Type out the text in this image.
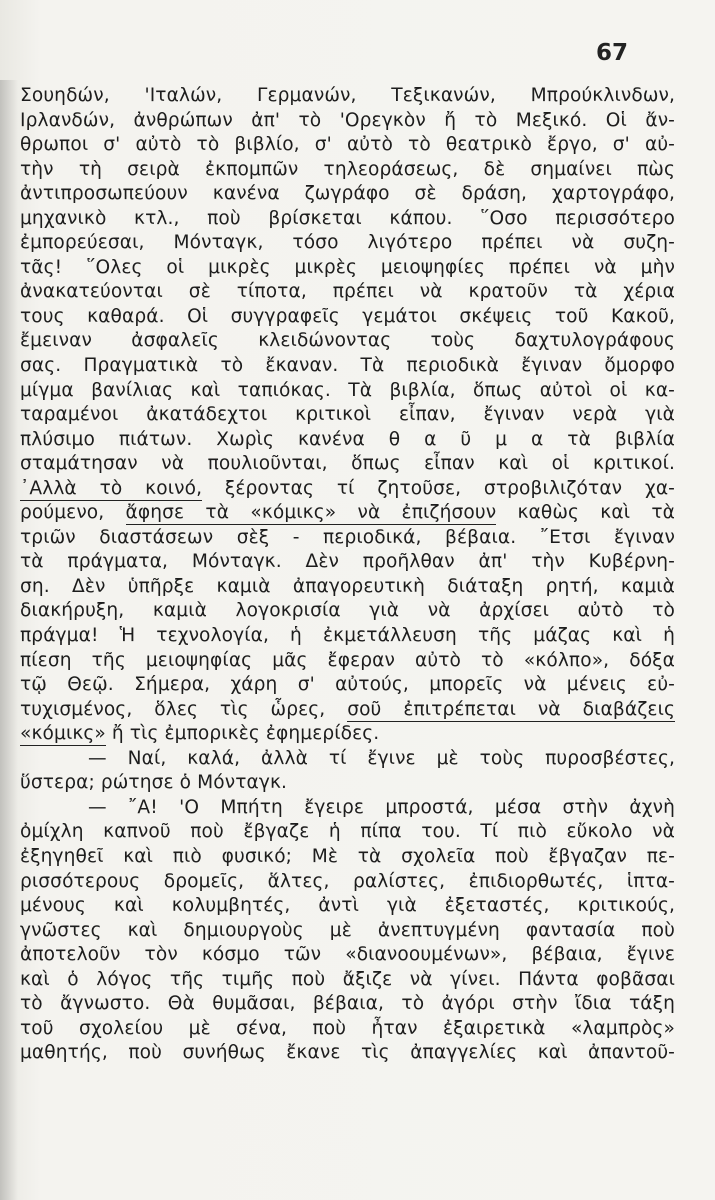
67
Σουηδών, 'Ιταλών, Γερμανών, Τεξικανών, Μπρούκλινδων,
Ιρλανδών, ἀνθρώπων ἀπ' τὸ 'Ορεγκὸν ἤ τὸ Μεξικό. Οἱ ἄν-
θρωποι σ' αὐτὸ τὸ βιβλίο, σ' αὐτὸ τὸ θεατρικὸ ἔργο, σ' αὐ-
τὴν τὴ σειρὰ ἐκπομπῶν τηλεοράσεως, δὲ σημαίνει πὼς
ἀντιπροσωπεύουν κανένα ζωγράφο σὲ δράση, χαρτογράφο,
μηχανικὸ κτλ., ποὺ βρίσκεται κάπου. ῞Οσο περισσότερο
ἐμπορεύεσαι, Μόνταγκ, τόσο λιγότερο πρέπει νὰ συζη-
τᾶς! ῞Ολες οἱ μικρὲς μικρὲς μειοψηφίες πρέπει νὰ μὴν
ἀνακατεύονται σὲ τίποτα, πρέπει νὰ κρατοῦν τὰ χέρια
τους καθαρά. Οἱ συγγραφεῖς γεμάτοι σκέψεις τοῦ Κακοῦ,
ἔμειναν ἀσφαλεῖς κλειδώνοντας τοὺς δαχτυλογράφους
σας. Πραγματικὰ τὸ ἔκαναν. Τὰ περιοδικὰ ἔγιναν ὄμορφο
μίγμα βανίλιας καὶ ταπιόκας. Τὰ βιβλία, ὅπως αὐτοὶ οἱ κα-
ταραμένοι ἀκατάδεχτοι κριτικοὶ εἶπαν, ἔγιναν νερὰ γιὰ
πλύσιμο πιάτων. Χωρὶς κανένα θ α ῦ μ α τὰ βιβλία
σταμάτησαν νὰ πουλιοῦνται, ὅπως εἶπαν καὶ οἱ κριτικοί.
᾽Αλλὰ τὸ κοινό, ξέροντας τί ζητοῦσε, στροβιλιζόταν χα-
ρούμενο, ἄφησε τὰ «κόμικς» νὰ ἐπιζήσουν καθὼς καὶ τὰ
τριῶν διαστάσεων σὲξ - περιοδικά, βέβαια. ῎Ετσι ἔγιναν
τὰ πράγματα, Μόνταγκ. Δὲν προῆλθαν ἀπ' τὴν Κυβέρνη-
ση. Δὲν ὑπῆρξε καμιὰ ἀπαγορευτικὴ διάταξη ρητή, καμιὰ
διακήρυξη, καμιὰ λογοκρισία γιὰ νὰ ἀρχίσει αὐτὸ τὸ
πράγμα! Ἡ τεχνολογία, ἡ ἐκμετάλλευση τῆς μάζας καὶ ἡ
πίεση τῆς μειοψηφίας μᾶς ἔφεραν αὐτὸ τὸ «κόλπο», δόξα
τῷ Θεῷ. Σήμερα, χάρη σ' αὐτούς, μπορεῖς νὰ μένεις εὐ-
τυχισμένος, ὅλες τὶς ὧρες, σοῦ ἐπιτρέπεται νὰ διαβάζεις
«κόμικς» ἤ τὶς ἐμπορικὲς ἐφημερίδες.
— Ναί, καλά, ἀλλὰ τί ἔγινε μὲ τοὺς πυροσβέστες,
ὕστερα; ρώτησε ὁ Μόνταγκ.
— ῎Α! 'Ο Μπήτη ἔγειρε μπροστά, μέσα στὴν ἀχνὴ
ὀμίχλη καπνοῦ ποὺ ἔβγαζε ἡ πίπα του. Τί πιὸ εὔκολο νὰ
ἐξηγηθεῖ καὶ πιὸ φυσικό; Μὲ τὰ σχολεῖα ποὺ ἔβγαζαν πε-
ρισσότερους δρομεῖς, ἅλτες, ραλίστες, ἐπιδιορθωτές, ἱπτα-
μένους καὶ κολυμβητές, ἀντὶ γιὰ ἐξεταστές, κριτικούς,
γνῶστες καὶ δημιουργοὺς μὲ ἀνεπτυγμένη φαντασία ποὺ
ἀποτελοῦν τὸν κόσμο τῶν «διανοουμένων», βέβαια, ἔγινε
καὶ ὁ λόγος τῆς τιμῆς ποὺ ἄξιζε νὰ γίνει. Πάντα φοβᾶσαι
τὸ ἄγνωστο. Θὰ θυμᾶσαι, βέβαια, τὸ ἀγόρι στὴν ἴδια τάξη
τοῦ σχολείου μὲ σένα, ποὺ ἦταν ἐξαιρετικὰ «λαμπρὸς»
μαθητής, ποὺ συνήθως ἔκανε τὶς ἀπαγγελίες καὶ ἀπαντοῦ-
